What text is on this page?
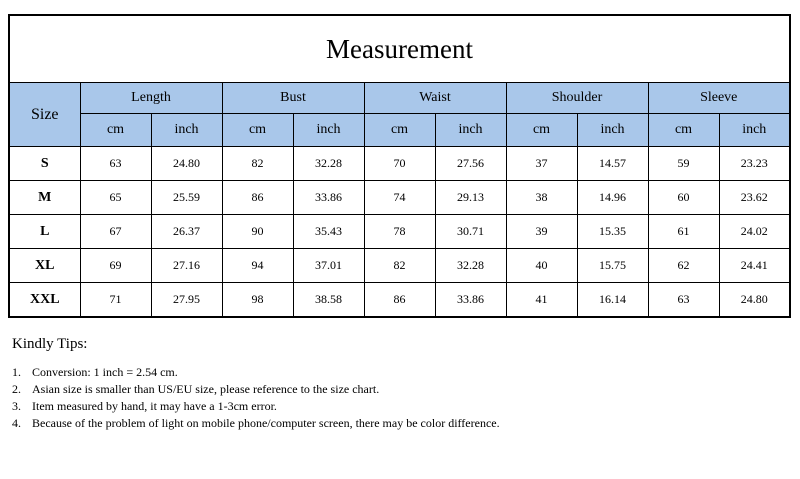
Measurement										
Size	Length		Bust		Waist		Shoulder		Sleeve	
	cm	inch	cm	inch	cm	inch	cm	inch	cm	inch
S	63	24.80	82	32.28	70	27.56	37	14.57	59	23.23
M	65	25.59	86	33.86	74	29.13	38	14.96	60	23.62
L	67	26.37	90	35.43	78	30.71	39	15.35	61	24.02
XL	69	27.16	94	37.01	82	32.28	40	15.75	62	24.41
XXL	71	27.95	98	38.58	86	33.86	41	16.14	63	24.80

Kindly Tips:

1. Conversion: 1 inch = 2.54 cm.
2. Asian size is smaller than US/EU size, please reference to the size chart.
3. Item measured by hand, it may have a 1-3cm error.
4. Because of the problem of light on mobile phone/computer screen, there may be color difference.
